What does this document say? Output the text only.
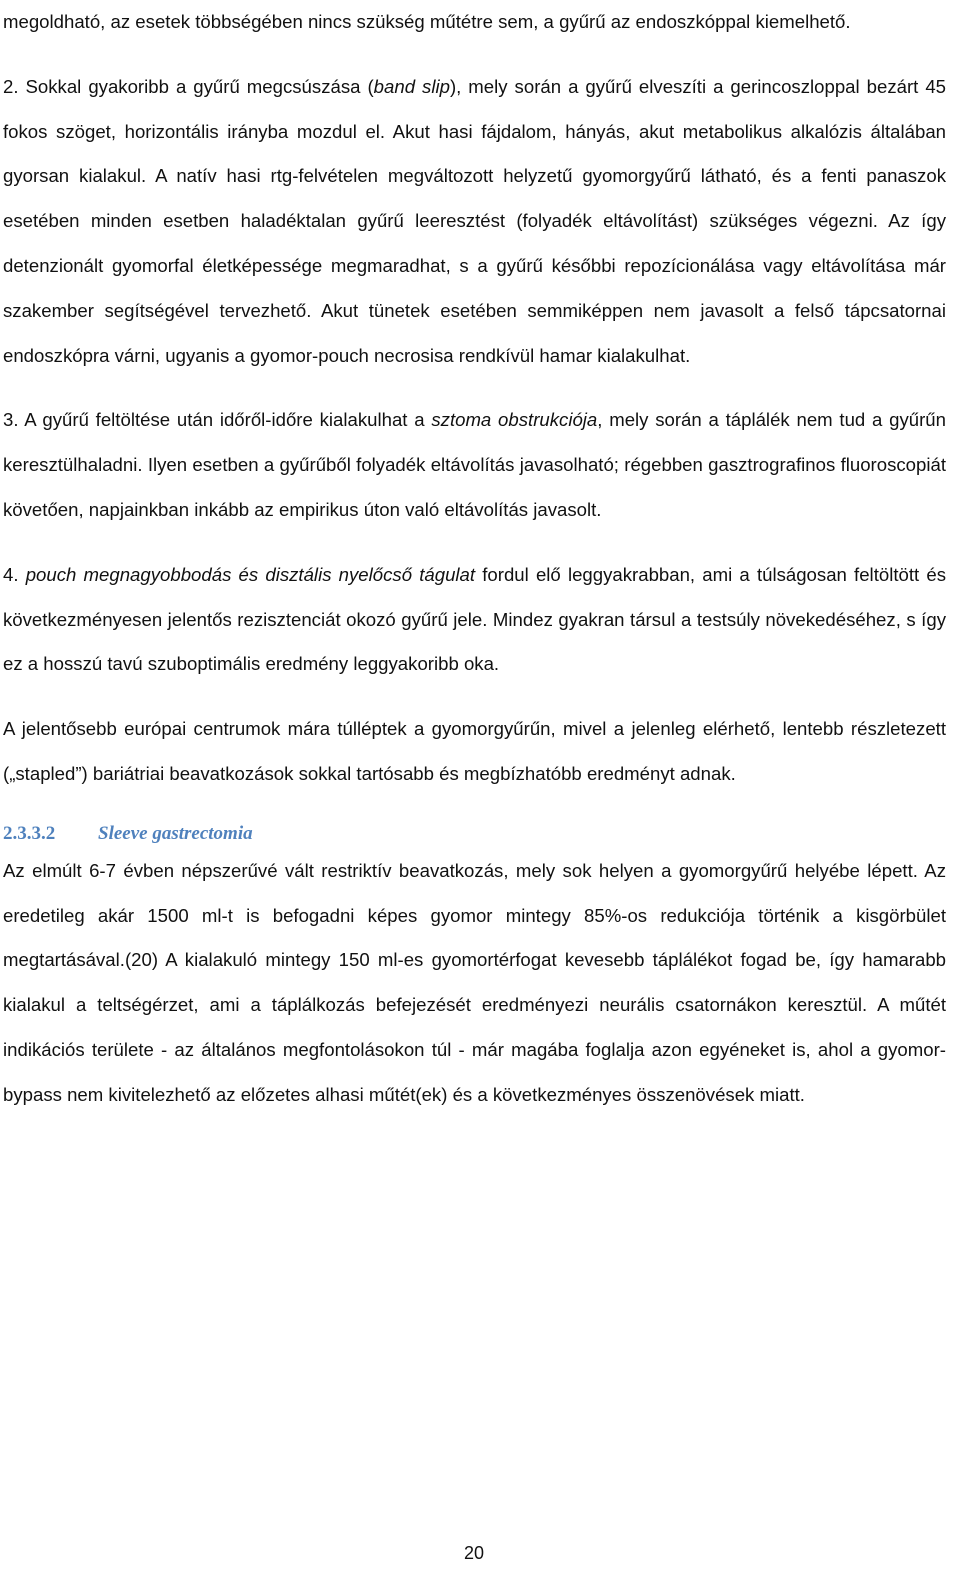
megoldható, az esetek többségében nincs szükség műtétre sem, a gyűrű az endoszkóppal kiemelhető.

2. Sokkal gyakoribb a gyűrű megcsúszása (band slip), mely során a gyűrű elveszíti a gerincoszloppal bezárt 45 fokos szöget, horizontális irányba mozdul el. Akut hasi fájdalom, hányás, akut metabolikus alkalózis általában gyorsan kialakul. A natív hasi rtg-felvételen megváltozott helyzetű gyomorgyűrű látható, és a fenti panaszok esetében minden esetben haladéktalan gyűrű leeresztést (folyadék eltávolítást) szükséges végezni. Az így detenzionált gyomorfal életképessége megmaradhat, s a gyűrű későbbi repozícionálása vagy eltávolítása már szakember segítségével tervezhető. Akut tünetek esetében semmiképpen nem javasolt a felső tápcsatornai endoszkópra várni, ugyanis a gyomor-pouch necrosisa rendkívül hamar kialakulhat.

3. A gyűrű feltöltése után időről-időre kialakulhat a sztoma obstrukciója, mely során a táplálék nem tud a gyűrűn keresztülhaladni. Ilyen esetben a gyűrűből folyadék eltávolítás javasolható; régebben gasztrografinos fluoroscopiát követően, napjainkban inkább az empirikus úton való eltávolítás javasolt.

4. pouch megnagyobbodás és disztális nyelőcső tágulat fordul elő leggyakrabban, ami a túlságosan feltöltött és következményesen jelentős rezisztenciát okozó gyűrű jele. Mindez gyakran társul a testsúly növekedéséhez, s így ez a hosszú tavú szuboptimális eredmény leggyakoribb oka.

A jelentősebb európai centrumok mára túlléptek a gyomorgyűrűn, mivel a jelenleg elérhető, lentebb részletezett („stapled”) bariátriai beavatkozások sokkal tartósabb és megbízhatóbb eredményt adnak.

2.3.3.2 Sleeve gastrectomia

Az elmúlt 6-7 évben népszerűvé vált restriktív beavatkozás, mely sok helyen a gyomorgyűrű helyébe lépett. Az eredetileg akár 1500 ml-t is befogadni képes gyomor mintegy 85%-os redukciója történik a kisgörbület megtartásával.(20) A kialakuló mintegy 150 ml-es gyomortérfogat kevesebb táplálékot fogad be, így hamarabb kialakul a teltségérzet, ami a táplálkozás befejezését eredményezi neurális csatornákon keresztül. A műtét indikációs területe - az általános megfontolásokon túl - már magába foglalja azon egyéneket is, ahol a gyomor-bypass nem kivitelezhető az előzetes alhasi műtét(ek) és a következményes összenövések miatt.

20
